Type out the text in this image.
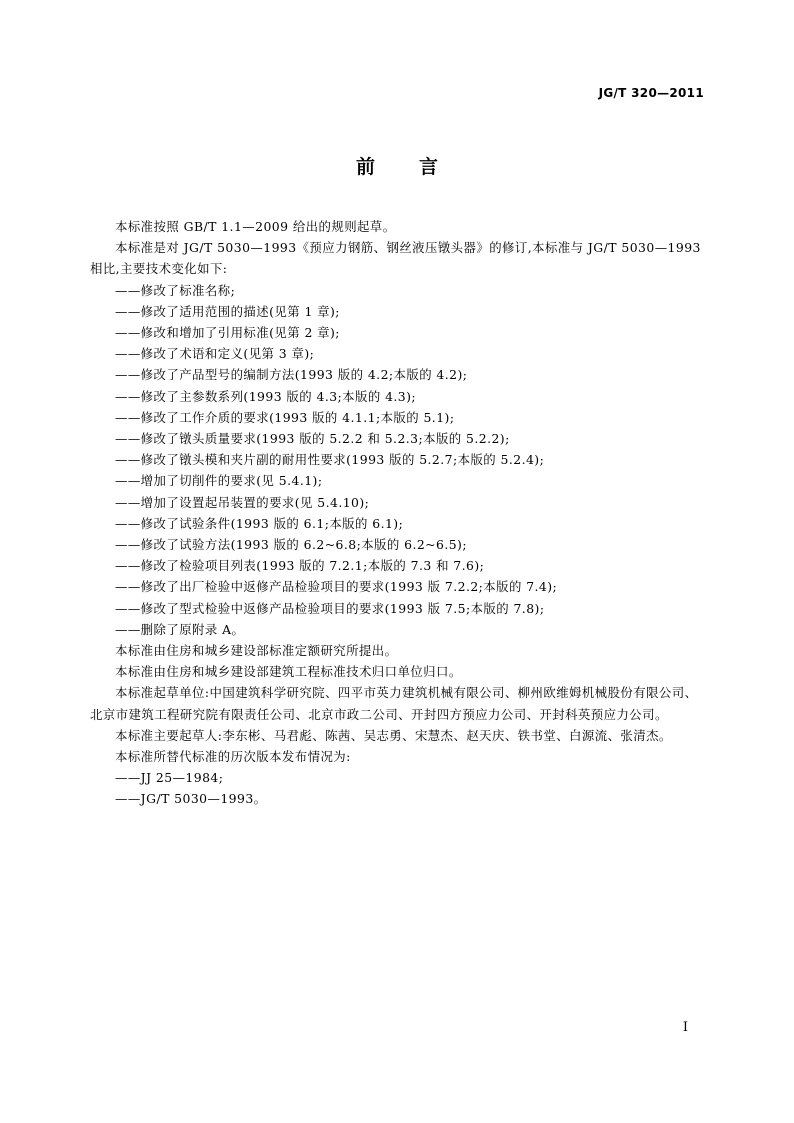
JG/T 320—2011
前言

本标准按照 GB/T 1.1—2009 给出的规则起草。

本标准是对 JG/T 5030—1993《预应力钢筋、钢丝液压镦头器》的修订,本标准与 JG/T 5030—1993 相比,主要技术变化如下:

——修改了标准名称;
——修改了适用范围的描述(见第 1 章);
——修改和增加了引用标准(见第 2 章);
——修改了术语和定义(见第 3 章);
——修改了产品型号的编制方法(1993 版的 4.2;本版的 4.2);
——修改了主参数系列(1993 版的 4.3;本版的 4.3);
——修改了工作介质的要求(1993 版的 4.1.1;本版的 5.1);
——修改了镦头质量要求(1993 版的 5.2.2 和 5.2.3;本版的 5.2.2);
——修改了镦头模和夹片副的耐用性要求(1993 版的 5.2.7;本版的 5.2.4);
——增加了切削件的要求(见 5.4.1);
——增加了设置起吊装置的要求(见 5.4.10);
——修改了试验条件(1993 版的 6.1;本版的 6.1);
——修改了试验方法(1993 版的 6.2~6.8;本版的 6.2~6.5);
——修改了检验项目列表(1993 版的 7.2.1;本版的 7.3 和 7.6);
——修改了出厂检验中返修产品检验项目的要求(1993 版 7.2.2;本版的 7.4);
——修改了型式检验中返修产品检验项目的要求(1993 版 7.5;本版的 7.8);
——删除了原附录 A。

本标准由住房和城乡建设部标准定额研究所提出。

本标准由住房和城乡建设部建筑工程标准技术归口单位归口。

本标准起草单位:中国建筑科学研究院、四平市英力建筑机械有限公司、柳州欧维姆机械股份有限公司、北京市建筑工程研究院有限责任公司、北京市政二公司、开封四方预应力公司、开封科英预应力公司。

本标准主要起草人:李东彬、马君彪、陈茜、吴志勇、宋慧杰、赵天庆、铁书堂、白源流、张清杰。

本标准所替代标准的历次版本发布情况为:

——JJ 25—1984;
——JG/T 5030—1993。
I
